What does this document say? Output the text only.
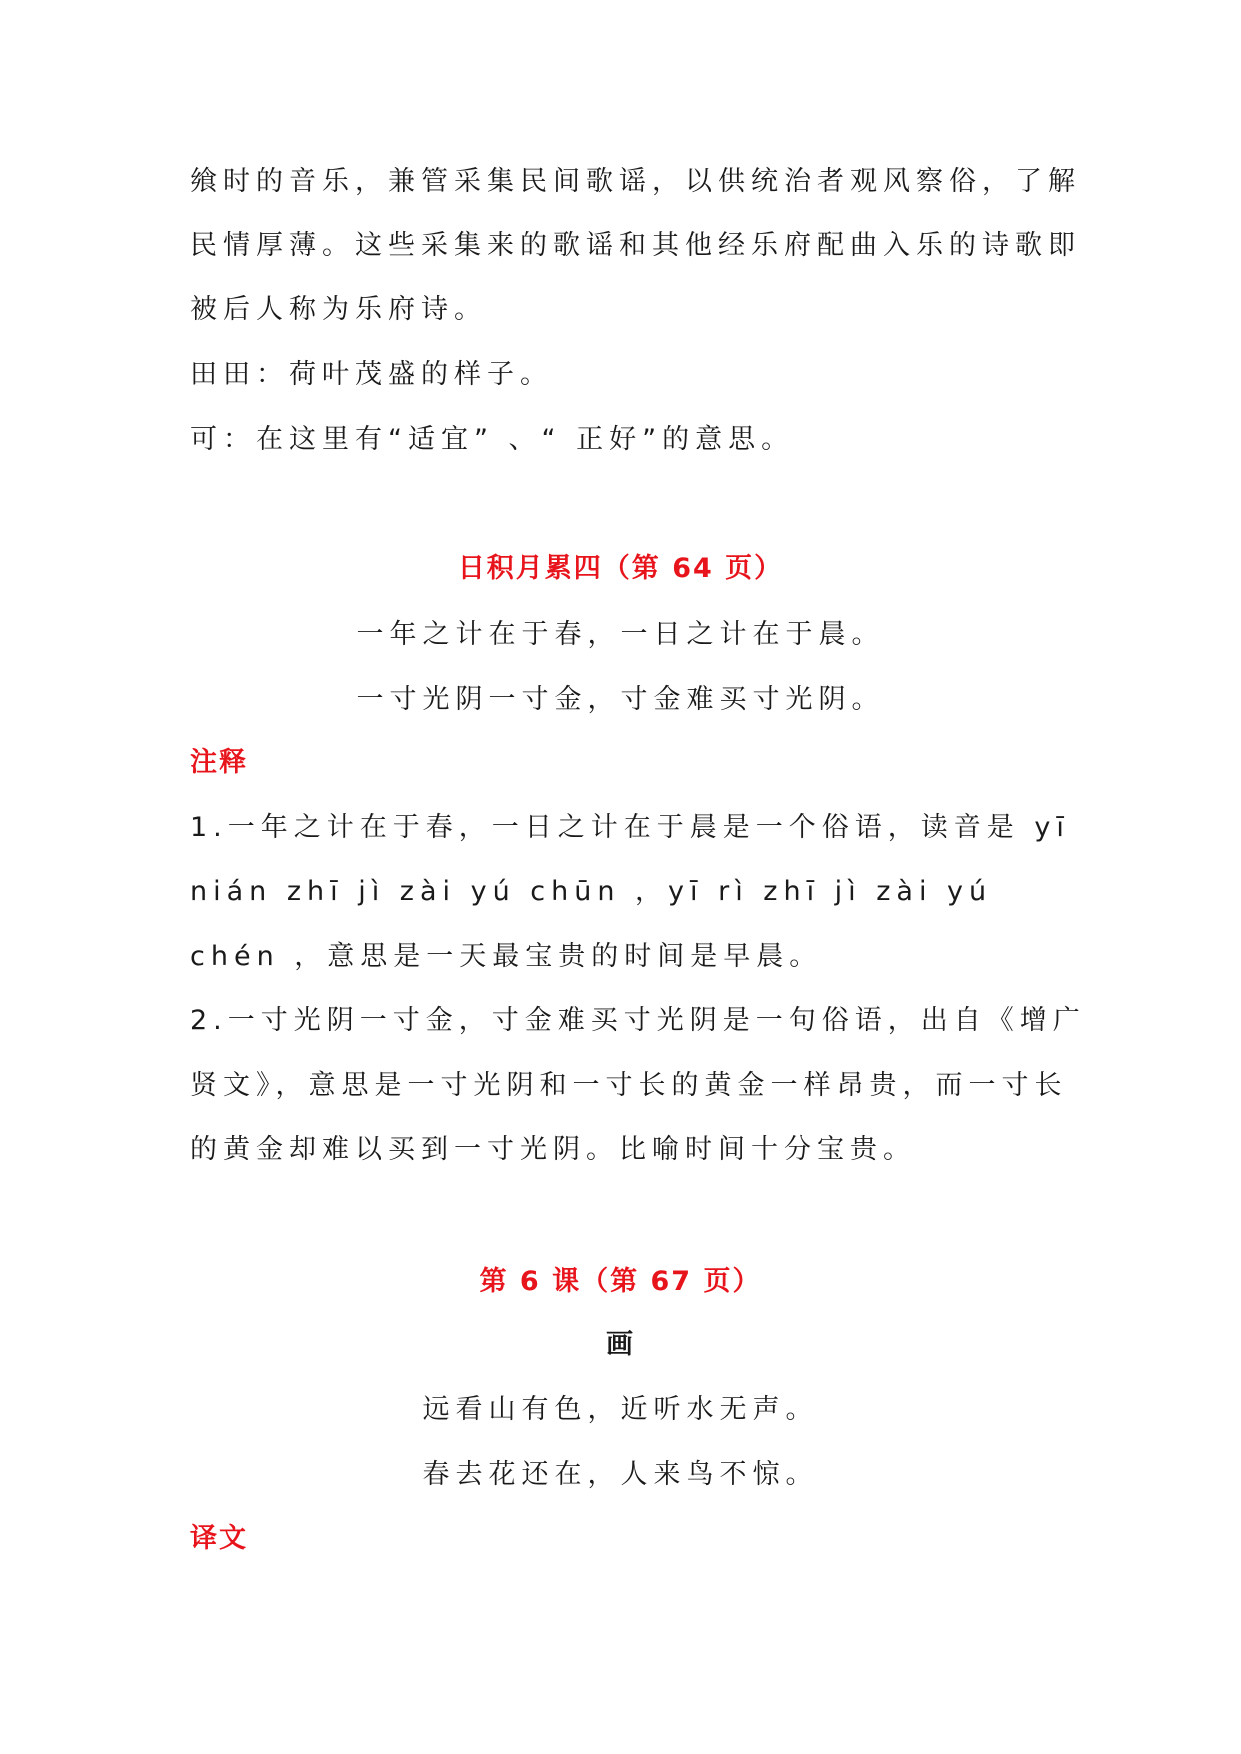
飨时的音乐，兼管采集民间歌谣，以供统治者观风察俗，了解
民情厚薄。这些采集来的歌谣和其他经乐府配曲入乐的诗歌即
被后人称为乐府诗。
田田：荷叶茂盛的样子。
可：在这里有“适宜” 、“ 正好”的意思。
日积月累四（第 64 页）
一年之计在于春，一日之计在于晨。
一寸光阴一寸金，寸金难买寸光阴。
注释
1.一年之计在于春，一日之计在于晨是一个俗语，读音是 yī
nián zhī jì zài yú chūn ，yī rì zhī jì zài yú
chén ，意思是一天最宝贵的时间是早晨。
2.一寸光阴一寸金，寸金难买寸光阴是一句俗语，出自《增广
贤文》，意思是一寸光阴和一寸长的黄金一样昂贵，而一寸长
的黄金却难以买到一寸光阴。比喻时间十分宝贵。
第 6 课（第 67 页）
画
远看山有色，近听水无声。
春去花还在，人来鸟不惊。
译文
